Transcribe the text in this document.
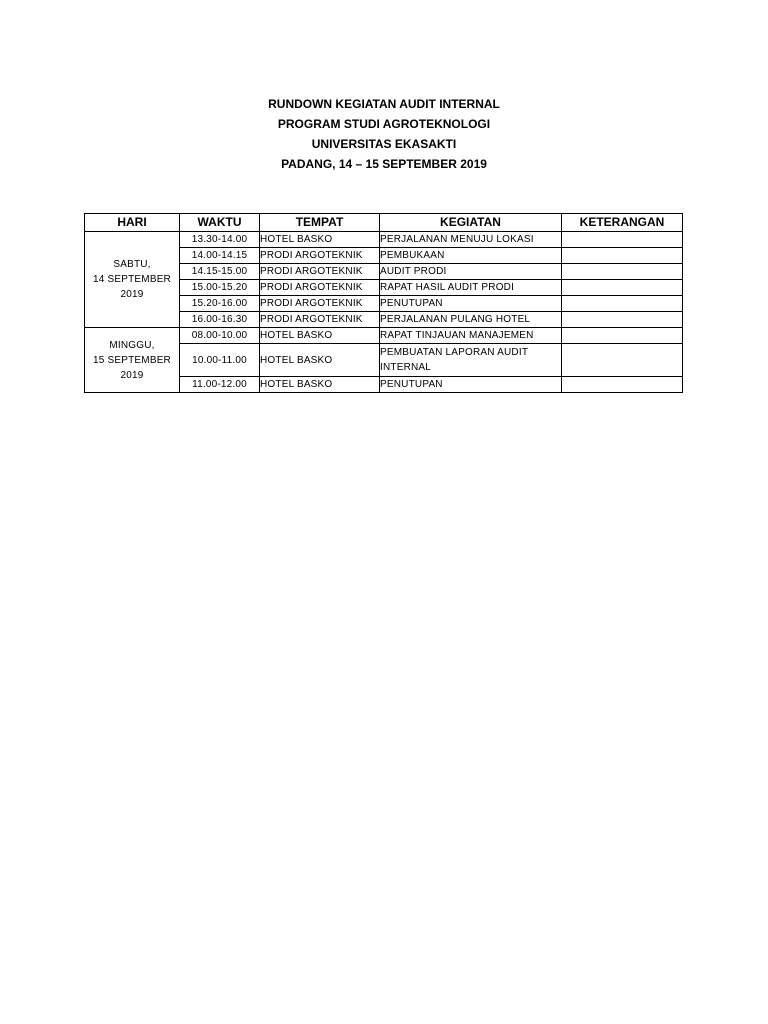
RUNDOWN KEGIATAN AUDIT INTERNAL
PROGRAM STUDI AGROTEKNOLOGI
UNIVERSITAS EKASAKTI
PADANG, 14 – 15 SEPTEMBER 2019
HARI	WAKTU	TEMPAT	KEGIATAN	KETERANGAN

SABTU,
14 SEPTEMBER
2019	13.30-14.00	HOTEL BASKO	PERJALANAN MENUJU LOKASI	
	14.00-14.15	PRODI ARGOTEKNIK	PEMBUKAAN	
	14.15-15.00	PRODI ARGOTEKNIK	AUDIT PRODI	
	15.00-15.20	PRODI ARGOTEKNIK	RAPAT HASIL AUDIT PRODI	
	15.20-16.00	PRODI ARGOTEKNIK	PENUTUPAN	
	16.00-16.30	PRODI ARGOTEKNIK	PERJALANAN PULANG HOTEL	

MINGGU,
15 SEPTEMBER
2019	08.00-10.00	HOTEL BASKO	RAPAT TINJAUAN MANAJEMEN	
	10.00-11.00	HOTEL BASKO	PEMBUATAN LAPORAN AUDIT
INTERNAL	

	11.00-12.00	HOTEL BASKO	PENUTUPAN	
